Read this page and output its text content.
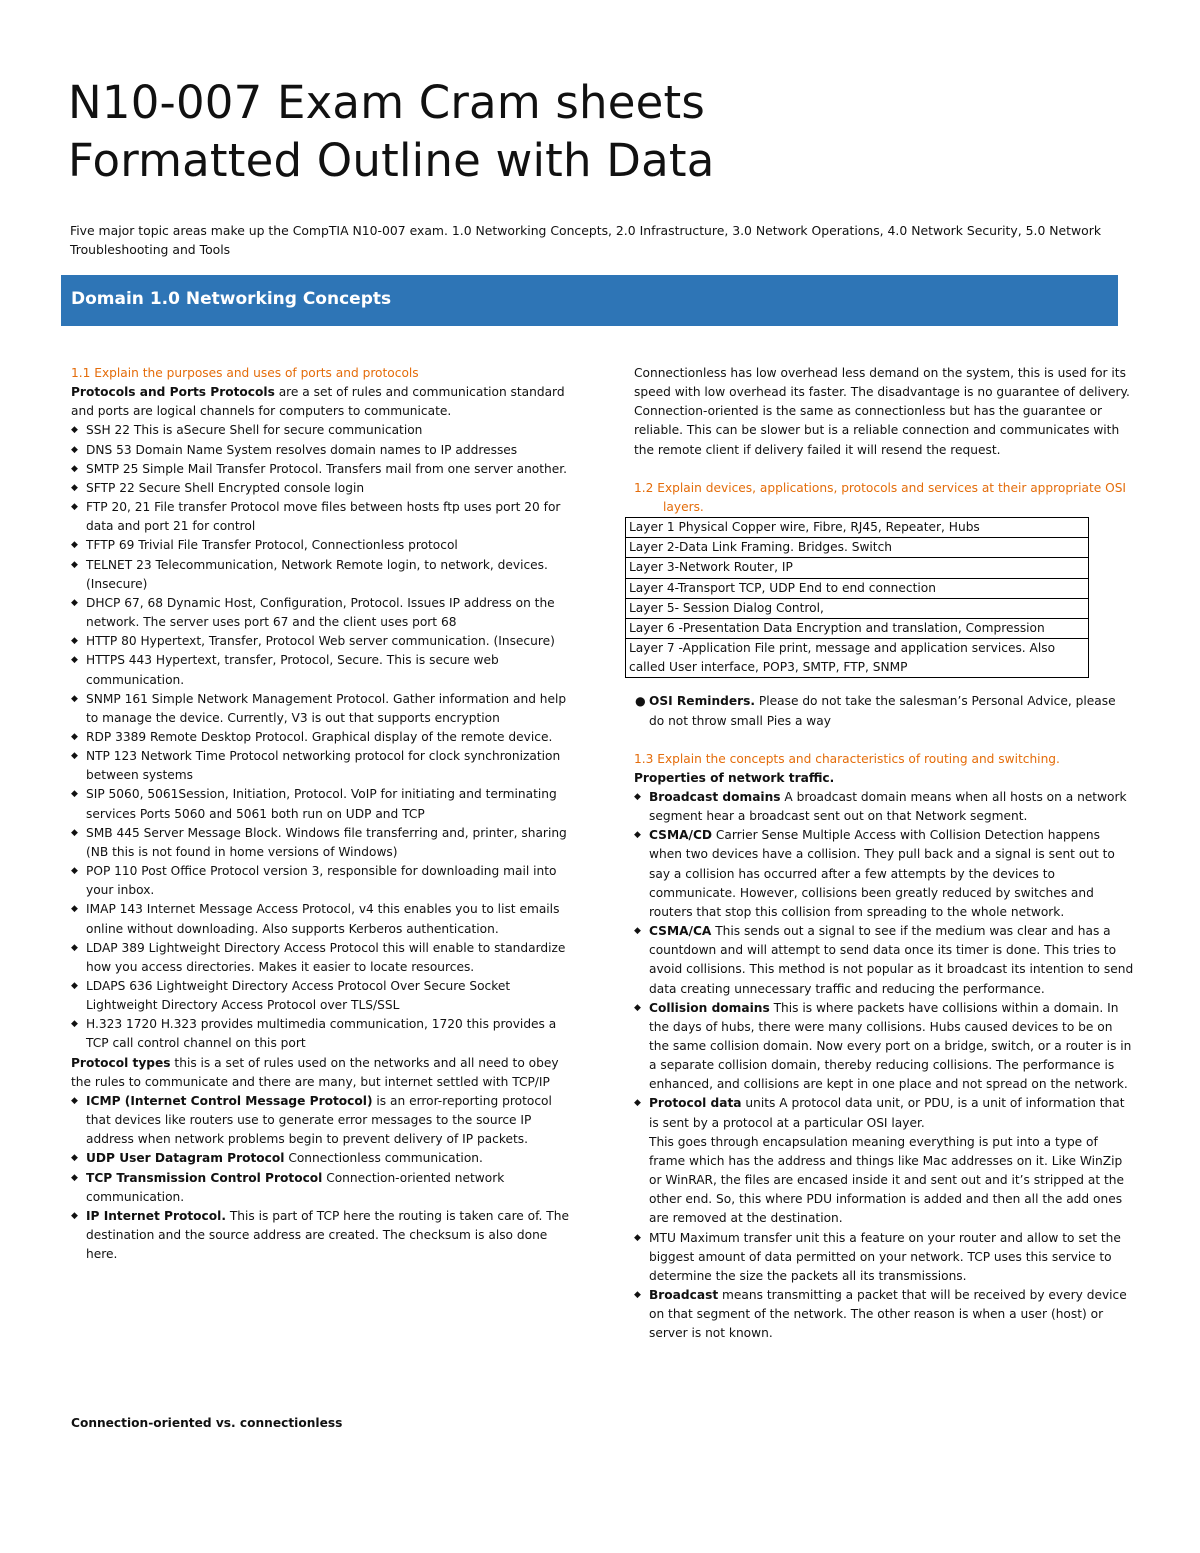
N10-007 Exam Cram sheets
Formatted Outline with Data
Five major topic areas make up the CompTIA N10-007 exam. 1.0 Networking Concepts, 2.0 Infrastructure, 3.0 Network Operations, 4.0 Network Security, 5.0 Network Troubleshooting and Tools
Domain 1.0 Networking Concepts
1.1 Explain the purposes and uses of ports and protocols
Protocols and Ports Protocols are a set of rules and communication standard and ports are logical channels for computers to communicate.
◆ SSH 22 This is aSecure Shell for secure communication
◆ DNS 53 Domain Name System resolves domain names to IP addresses
◆ SMTP 25 Simple Mail Transfer Protocol. Transfers mail from one server another.
◆ SFTP 22 Secure Shell Encrypted console login
◆ FTP 20, 21 File transfer Protocol move files between hosts ftp uses port 20 for data and port 21 for control
◆ TFTP 69 Trivial File Transfer Protocol, Connectionless protocol
◆ TELNET 23 Telecommunication, Network Remote login, to network, devices. (Insecure)
◆ DHCP 67, 68 Dynamic Host, Configuration, Protocol. Issues IP address on the network. The server uses port 67 and the client uses port 68
◆ HTTP 80 Hypertext, Transfer, Protocol Web server communication. (Insecure)
◆ HTTPS 443 Hypertext, transfer, Protocol, Secure. This is secure web communication.
◆ SNMP 161 Simple Network Management Protocol. Gather information and help to manage the device. Currently, V3 is out that supports encryption
◆ RDP 3389 Remote Desktop Protocol. Graphical display of the remote device.
◆ NTP 123 Network Time Protocol networking protocol for clock synchronization between systems
◆ SIP 5060, 5061Session, Initiation, Protocol. VoIP for initiating and terminating services Ports 5060 and 5061 both run on UDP and TCP
◆ SMB 445 Server Message Block. Windows file transferring and, printer, sharing (NB this is not found in home versions of Windows)
◆ POP 110 Post Office Protocol version 3, responsible for downloading mail into your inbox.
◆ IMAP 143 Internet Message Access Protocol, v4 this enables you to list emails online without downloading. Also supports Kerberos authentication.
◆ LDAP 389 Lightweight Directory Access Protocol this will enable to standardize how you access directories. Makes it easier to locate resources.
◆ LDAPS 636 Lightweight Directory Access Protocol Over Secure Socket Lightweight Directory Access Protocol over TLS/SSL
◆ H.323 1720 H.323 provides multimedia communication, 1720 this provides a TCP call control channel on this port
Protocol types this is a set of rules used on the networks and all need to obey the rules to communicate and there are many, but internet settled with TCP/IP
◆ ICMP (Internet Control Message Protocol) is an error-reporting protocol that devices like routers use to generate error messages to the source IP address when network problems begin to prevent delivery of IP packets.
◆ UDP User Datagram Protocol Connectionless communication.
◆ TCP Transmission Control Protocol Connection-oriented network communication.
◆ IP Internet Protocol. This is part of TCP here the routing is taken care of. The destination and the source address are created. The checksum is also done here.
Connection-oriented vs. connectionless
Connectionless has low overhead less demand on the system, this is used for its speed with low overhead its faster. The disadvantage is no guarantee of delivery.
Connection-oriented is the same as connectionless but has the guarantee or reliable. This can be slower but is a reliable connection and communicates with the remote client if delivery failed it will resend the request.
1.2 Explain devices, applications, protocols and services at their appropriate OSI layers.
Layer 1 Physical Copper wire, Fibre, RJ45, Repeater, Hubs
Layer 2-Data Link Framing. Bridges. Switch
Layer 3-Network Router, IP
Layer 4-Transport TCP, UDP End to end connection
Layer 5- Session Dialog Control,
Layer 6 -Presentation Data Encryption and translation, Compression
Layer 7 -Application File print, message and application services. Also called User interface, POP3, SMTP, FTP, SNMP
● OSI Reminders. Please do not take the salesman’s Personal Advice, please do not throw small Pies a way
1.3 Explain the concepts and characteristics of routing and switching.
Properties of network traffic.
◆ Broadcast domains A broadcast domain means when all hosts on a network segment hear a broadcast sent out on that Network segment.
◆ CSMA/CD Carrier Sense Multiple Access with Collision Detection happens when two devices have a collision. They pull back and a signal is sent out to say a collision has occurred after a few attempts by the devices to communicate. However, collisions been greatly reduced by switches and routers that stop this collision from spreading to the whole network.
◆ CSMA/CA This sends out a signal to see if the medium was clear and has a countdown and will attempt to send data once its timer is done. This tries to avoid collisions. This method is not popular as it broadcast its intention to send data creating unnecessary traffic and reducing the performance.
◆ Collision domains This is where packets have collisions within a domain. In the days of hubs, there were many collisions. Hubs caused devices to be on the same collision domain. Now every port on a bridge, switch, or a router is in a separate collision domain, thereby reducing collisions. The performance is enhanced, and collisions are kept in one place and not spread on the network.
◆ Protocol data units A protocol data unit, or PDU, is a unit of information that is sent by a protocol at a particular OSI layer.
This goes through encapsulation meaning everything is put into a type of frame which has the address and things like Mac addresses on it. Like WinZip or WinRAR, the files are encased inside it and sent out and it’s stripped at the other end. So, this where PDU information is added and then all the add ones are removed at the destination.
◆ MTU Maximum transfer unit this a feature on your router and allow to set the biggest amount of data permitted on your network. TCP uses this service to determine the size the packets all its transmissions.
◆ Broadcast means transmitting a packet that will be received by every device on that segment of the network. The other reason is when a user (host) or server is not known.
